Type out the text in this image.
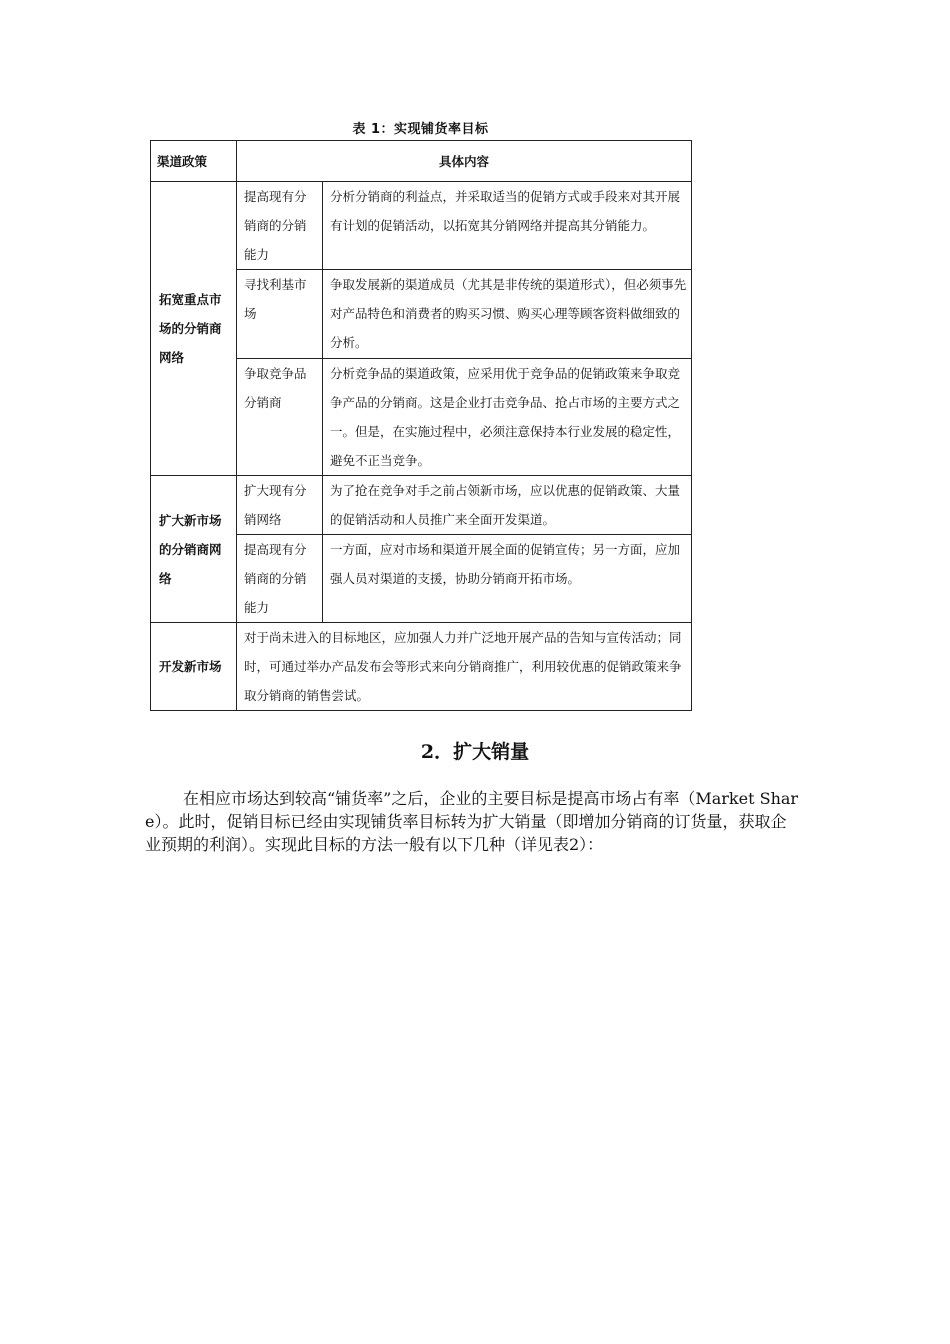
表 1：实现铺货率目标
渠道政策	具体内容	
拓宽重点市场的分销商网络	提高现有分销商的分销能力	分析分销商的利益点，并采取适当的促销方式或手段来对其开展有计划的促销活动，以拓宽其分销网络并提高其分销能力。
	寻找利基市场	争取发展新的渠道成员（尤其是非传统的渠道形式），但必须事先对产品特色和消费者的购买习惯、购买心理等顾客资料做细致的分析。
	争取竞争品分销商	分析竞争品的渠道政策，应采用优于竞争品的促销政策来争取竞争产品的分销商。这是企业打击竞争品、抢占市场的主要方式之一。但是，在实施过程中，必须注意保持本行业发展的稳定性，避免不正当竞争。
扩大新市场的分销商网络	扩大现有分销网络	为了抢在竞争对手之前占领新市场，应以优惠的促销政策、大量的促销活动和人员推广来全面开发渠道。
	提高现有分销商的分销能力	一方面，应对市场和渠道开展全面的促销宣传；另一方面，应加强人员对渠道的支援，协助分销商开拓市场。
开发新市场	对于尚未进入的目标地区，应加强人力并广泛地开展产品的告知与宣传活动；同时，可通过举办产品发布会等形式来向分销商推广，利用较优惠的促销政策来争取分销商的销售尝试。	
2．扩大销量
在相应市场达到较高“铺货率”之后，企业的主要目标是提高市场占有率（Market Share）。此时，促销目标已经由实现铺货率目标转为扩大销量（即增加分销商的订货量，获取企业预期的利润）。实现此目标的方法一般有以下几种（详见表2）：
